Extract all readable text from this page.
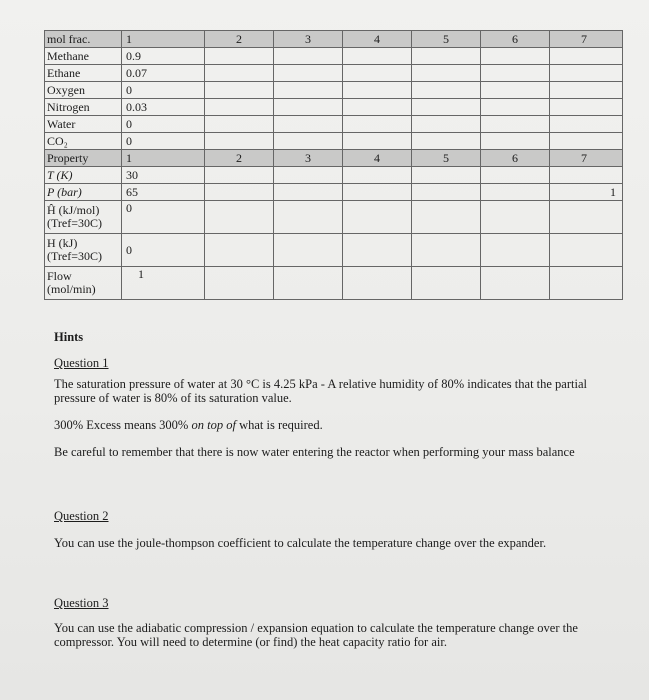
mol frac.	1	2	3	4	5	6	7
Methane	0.9						
Ethane	0.07						
Oxygen	0						
Nitrogen	0.03						
Water	0						
CO₂	0						
Property	1	2	3	4	5	6	7
T (K)	30						
P (bar)	65						1
Ĥ (kJ/mol) (Tref=30C)	0						
H (kJ) (Tref=30C)	0						
Flow (mol/min)	1						

Hints

Question 1

The saturation pressure of water at 30 °C is 4.25 kPa - A relative humidity of 80% indicates that the partial pressure of water is 80% of its saturation value.

300% Excess means 300% on top of what is required.

Be careful to remember that there is now water entering the reactor when performing your mass balance

Question 2

You can use the joule-thompson coefficient to calculate the temperature change over the expander.

Question 3

You can use the adiabatic compression / expansion equation to calculate the temperature change over the compressor. You will need to determine (or find) the heat capacity ratio for air.
